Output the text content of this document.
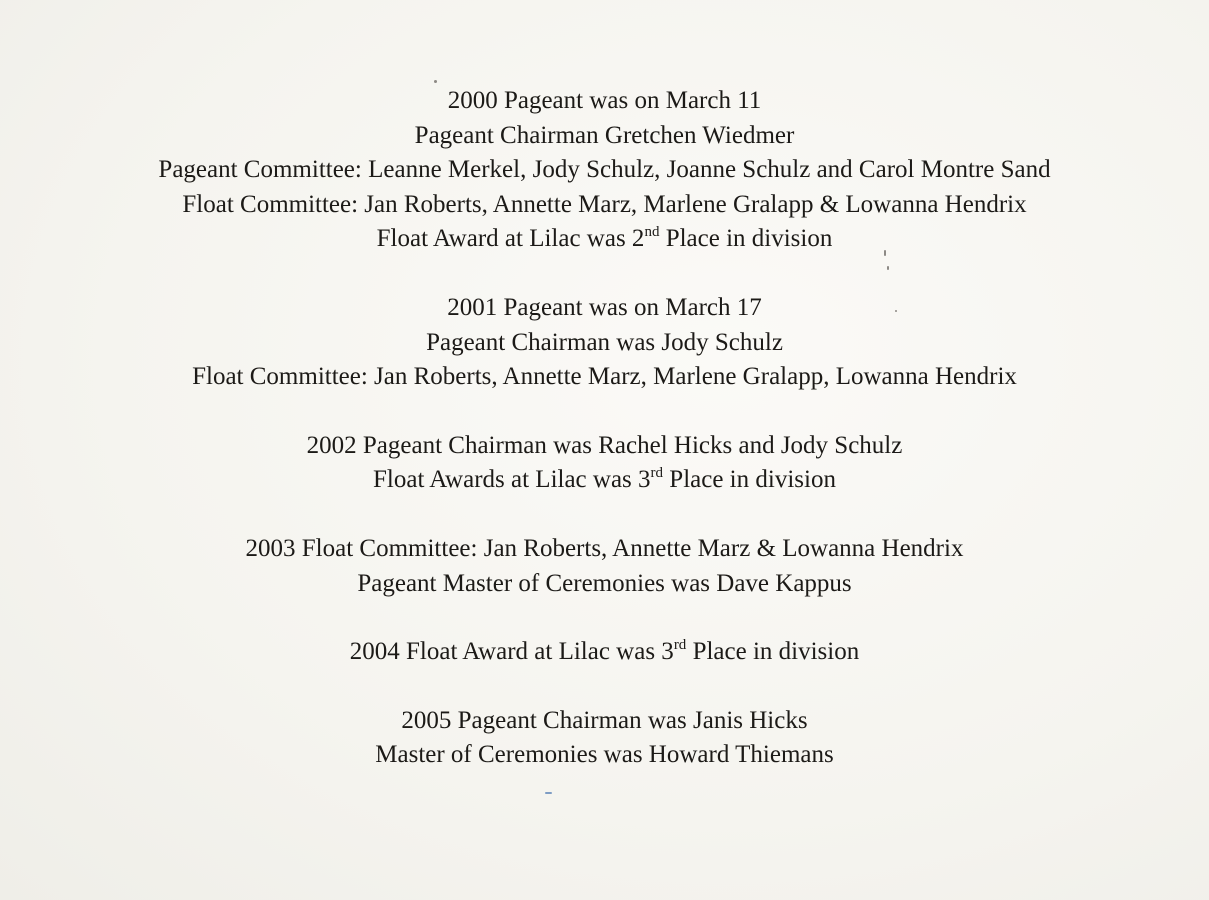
2000 Pageant was on March 11
Pageant Chairman Gretchen Wiedmer
Pageant Committee: Leanne Merkel, Jody Schulz, Joanne Schulz and Carol Montre Sand
Float Committee: Jan Roberts, Annette Marz, Marlene Gralapp & Lowanna Hendrix
Float Award at Lilac was 2nd Place in division
2001 Pageant was on March 17
Pageant Chairman was Jody Schulz
Float Committee: Jan Roberts, Annette Marz, Marlene Gralapp, Lowanna Hendrix
2002 Pageant Chairman was Rachel Hicks and Jody Schulz
Float Awards at Lilac was 3rd Place in division
2003 Float Committee: Jan Roberts, Annette Marz & Lowanna Hendrix
Pageant Master of Ceremonies was Dave Kappus
2004 Float Award at Lilac was 3rd Place in division
2005 Pageant Chairman was Janis Hicks
Master of Ceremonies was Howard Thiemans
